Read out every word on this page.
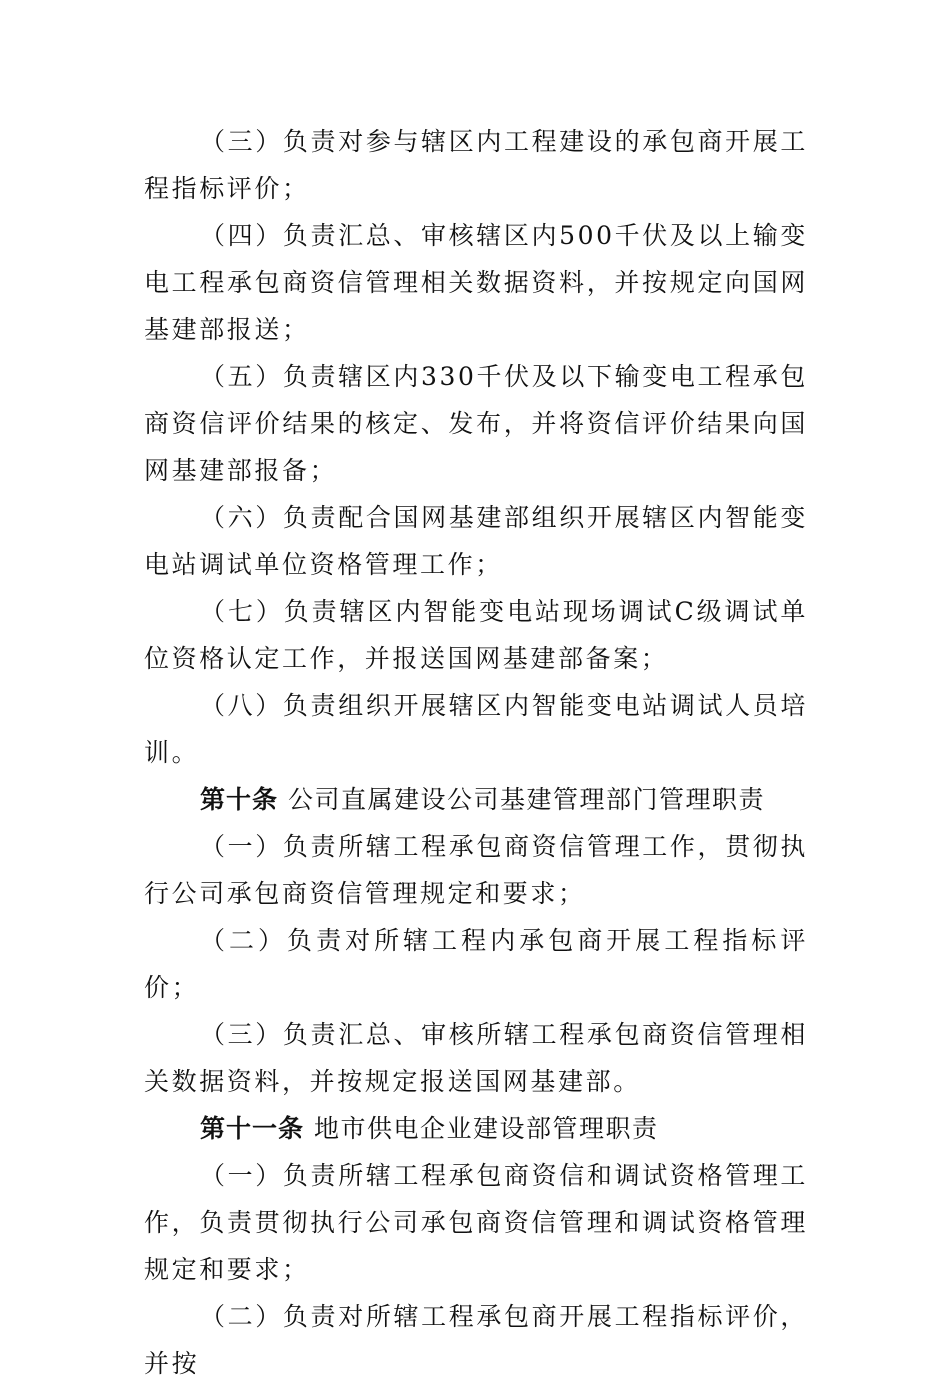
（三）负责对参与辖区内工程建设的承包商开展工程指标评价；

（四）负责汇总、审核辖区内500千伏及以上输变电工程承包商资信管理相关数据资料，并按规定向国网基建部报送；

（五）负责辖区内330千伏及以下输变电工程承包商资信评价结果的核定、发布，并将资信评价结果向国网基建部报备；

（六）负责配合国网基建部组织开展辖区内智能变电站调试单位资格管理工作；

（七）负责辖区内智能变电站现场调试C级调试单位资格认定工作，并报送国网基建部备案；

（八）负责组织开展辖区内智能变电站调试人员培训。

第十条 公司直属建设公司基建管理部门管理职责

（一）负责所辖工程承包商资信管理工作，贯彻执行公司承包商资信管理规定和要求；

（二）负责对所辖工程内承包商开展工程指标评价；

（三）负责汇总、审核所辖工程承包商资信管理相关数据资料，并按规定报送国网基建部。

第十一条 地市供电企业建设部管理职责

（一）负责所辖工程承包商资信和调试资格管理工作，负责贯彻执行公司承包商资信管理和调试资格管理规定和要求；

（二）负责对所辖工程承包商开展工程指标评价，并按
